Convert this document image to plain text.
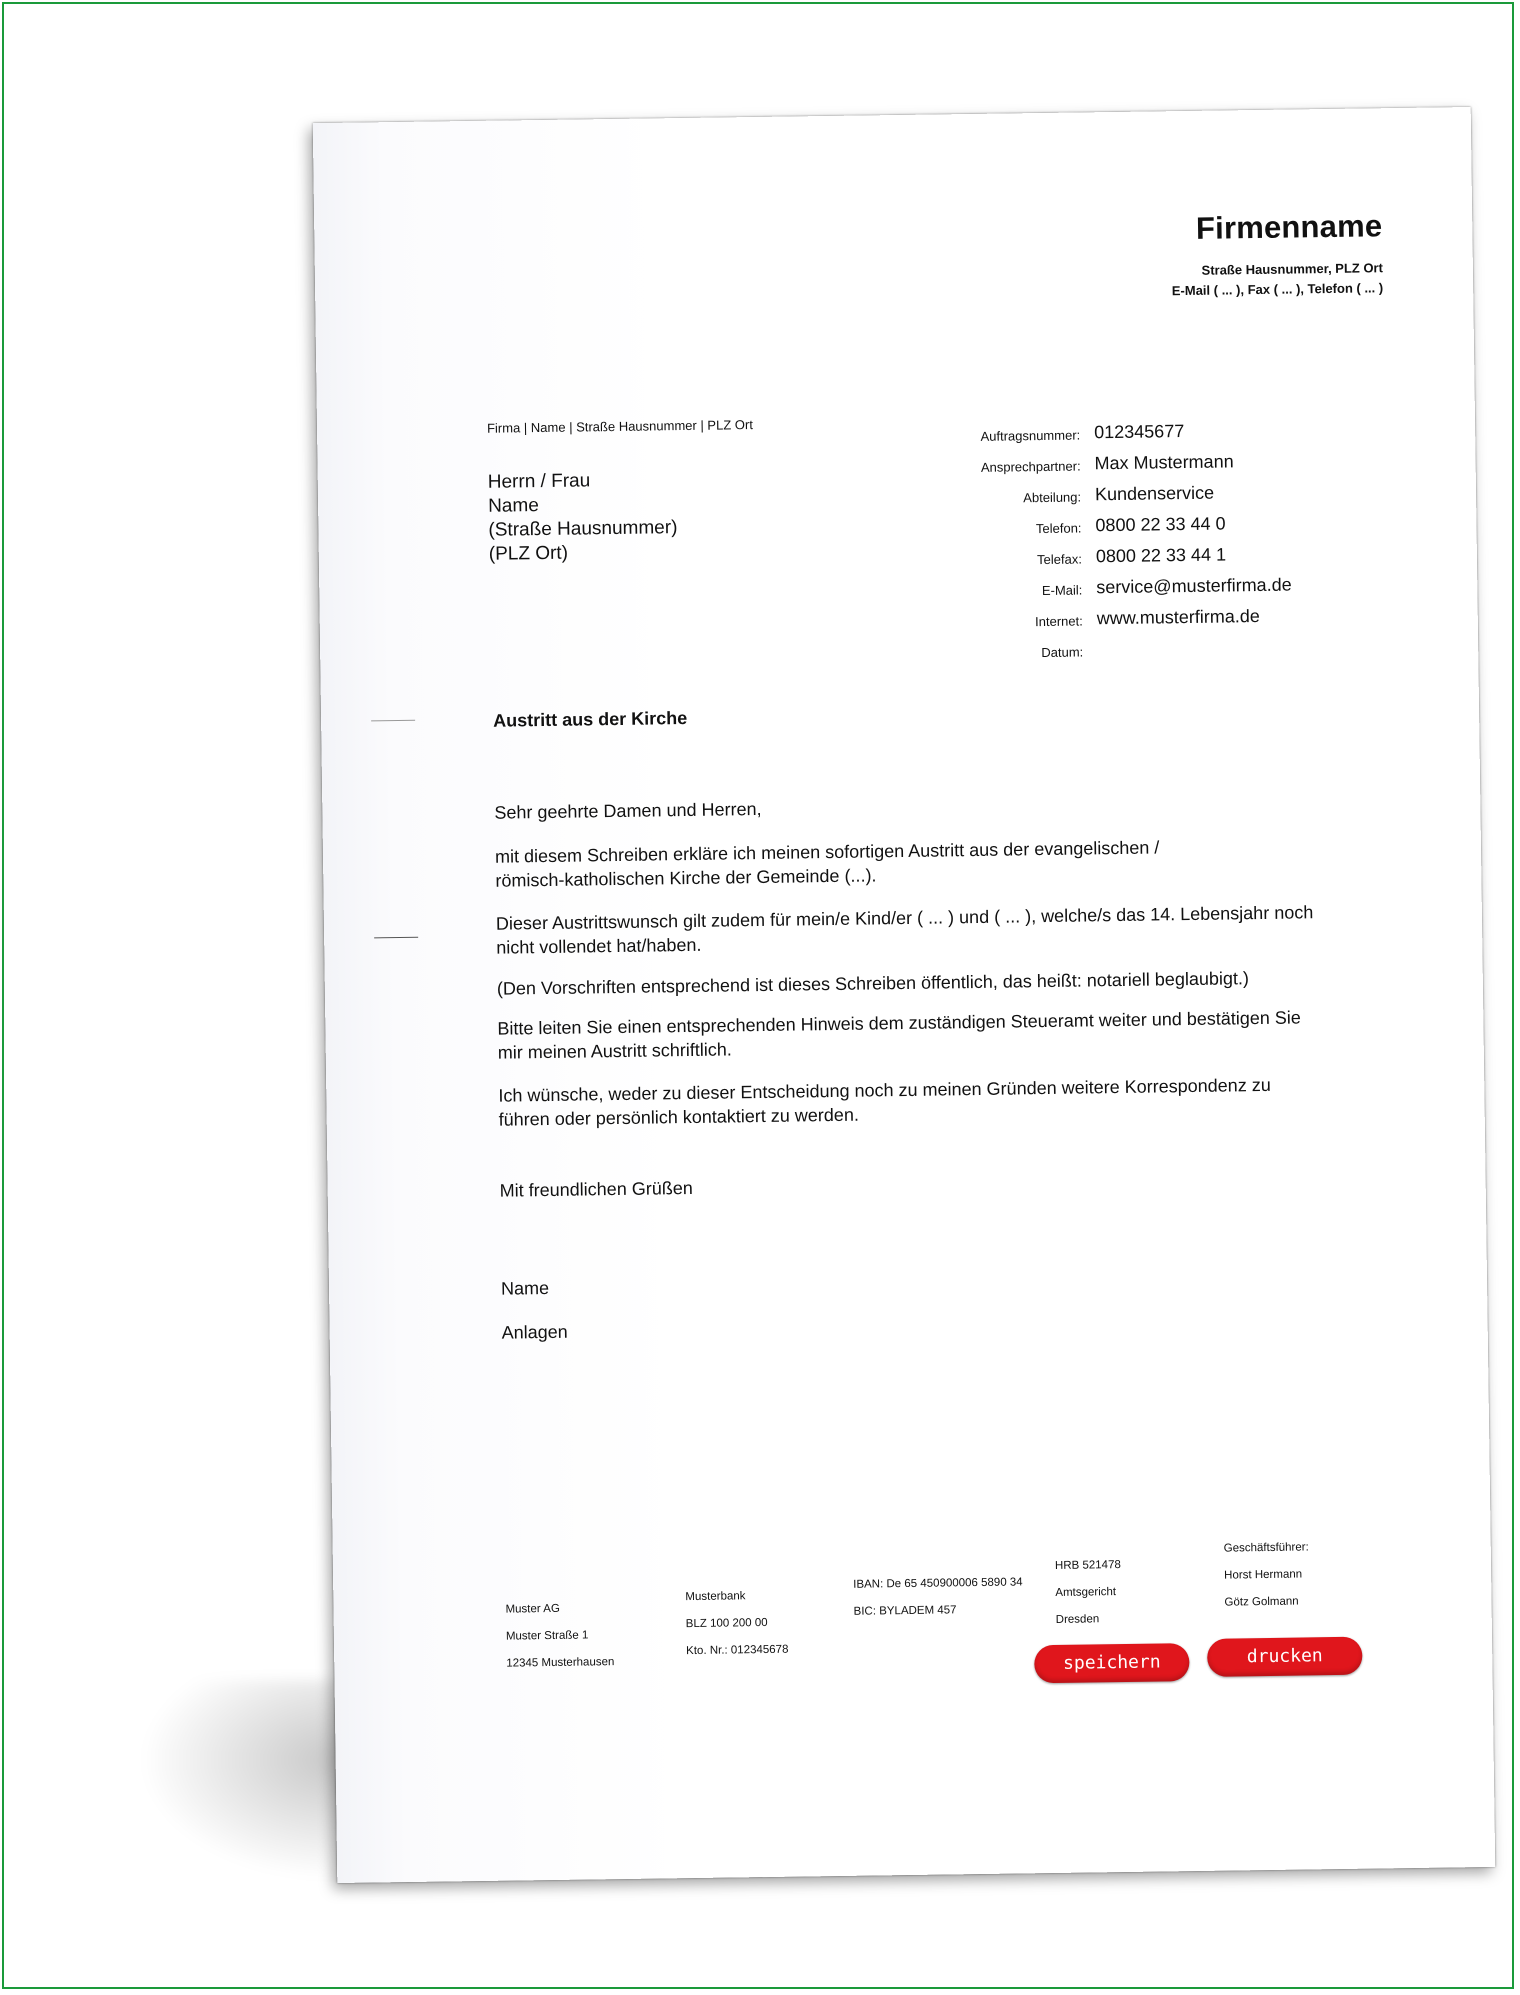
Firmenname
Straße Hausnummer, PLZ Ort
E-Mail ( ... ), Fax ( ... ), Telefon ( ... )
Firma | Name | Straße Hausnummer | PLZ Ort
Herrn / Frau
Name
(Straße Hausnummer)
(PLZ Ort)
Auftragsnummer: 012345677
Ansprechpartner: Max Mustermann
Abteilung: Kundenservice
Telefon: 0800 22 33 44 0
Telefax: 0800 22 33 44 1
E-Mail: service@musterfirma.de
Internet: www.musterfirma.de
Datum:
Austritt aus der Kirche
Sehr geehrte Damen und Herren,
mit diesem Schreiben erkläre ich meinen sofortigen Austritt aus der evangelischen /
römisch-katholischen Kirche der Gemeinde (...).
Dieser Austrittswunsch gilt zudem für mein/e Kind/er ( ... ) und ( ... ), welche/s das 14. Lebensjahr noch
nicht vollendet hat/haben.
(Den Vorschriften entsprechend ist dieses Schreiben öffentlich, das heißt: notariell beglaubigt.)
Bitte leiten Sie einen entsprechenden Hinweis dem zuständigen Steueramt weiter und bestätigen Sie
mir meinen Austritt schriftlich.
Ich wünsche, weder zu dieser Entscheidung noch zu meinen Gründen weitere Korrespondenz zu
führen oder persönlich kontaktiert zu werden.
Mit freundlichen Grüßen
Name
Anlagen
Muster AG
Muster Straße 1
12345 Musterhausen
Musterbank
BLZ 100 200 00
Kto. Nr.: 012345678
IBAN: De 65 450900006 5890 34
BIC: BYLADEM 457
HRB 521478
Amtsgericht
Dresden
Geschäftsführer:
Horst Hermann
Götz Golmann
speichern	drucken
